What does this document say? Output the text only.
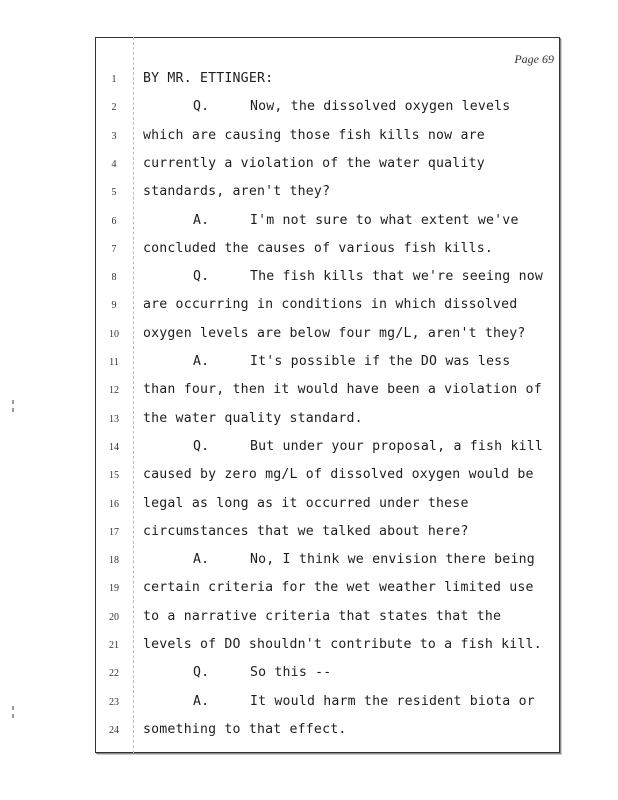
Page 69
1	BY MR. ETTINGER:
2	Q.     Now, the dissolved oxygen levels
3	which are causing those fish kills now are
4	currently a violation of the water quality
5	standards, aren't they?
6	A.     I'm not sure to what extent we've
7	concluded the causes of various fish kills.
8	Q.     The fish kills that we're seeing now
9	are occurring in conditions in which dissolved
10	oxygen levels are below four mg/L, aren't they?
11	A.     It's possible if the DO was less
12	than four, then it would have been a violation of
13	the water quality standard.
14	Q.     But under your proposal, a fish kill
15	caused by zero mg/L of dissolved oxygen would be
16	legal as long as it occurred under these
17	circumstances that we talked about here?
18	A.     No, I think we envision there being
19	certain criteria for the wet weather limited use
20	to a narrative criteria that states that the
21	levels of DO shouldn't contribute to a fish kill.
22	Q.     So this --
23	A.     It would harm the resident biota or
24	something to that effect.
